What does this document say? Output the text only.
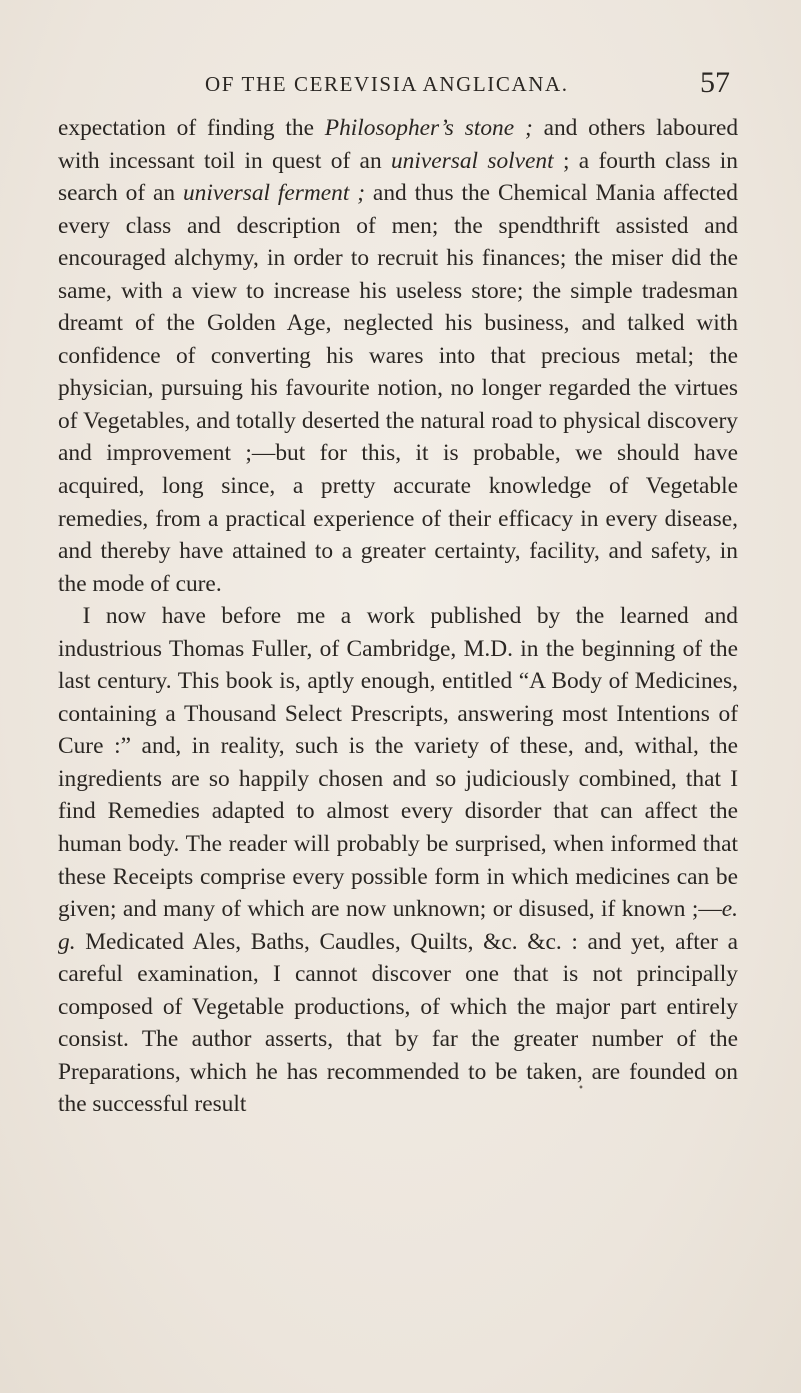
OF THE CEREVISIA ANGLICANA.	57

expectation of finding the Philosopher’s stone ; and others laboured with incessant toil in quest of an universal solvent ; a fourth class in search of an universal ferment ; and thus the Chemical Mania affected every class and description of men; the spendthrift assisted and encouraged alchymy, in order to recruit his finances; the miser did the same, with a view to increase his useless store; the simple tradesman dreamt of the Golden Age, neglected his business, and talked with confidence of converting his wares into that precious metal; the physician, pursuing his favourite notion, no longer regarded the virtues of Vegetables, and totally deserted the natural road to physical discovery and improvement ;—but for this, it is probable, we should have acquired, long since, a pretty accurate knowledge of Vegetable remedies, from a practical experience of their efficacy in every disease, and thereby have attained to a greater certainty, facility, and safety, in the mode of cure.

I now have before me a work published by the learned and industrious Thomas Fuller, of Cambridge, M.D. in the beginning of the last century. This book is, aptly enough, entitled “A Body of Medicines, containing a Thousand Select Prescripts, answering most Intentions of Cure :” and, in reality, such is the variety of these, and, withal, the ingredients are so happily chosen and so judiciously combined, that I find Remedies adapted to almost every disorder that can affect the human body. The reader will probably be surprised, when informed that these Receipts comprise every possible form in which medicines can be given; and many of which are now unknown; or disused, if known ;—e. g. Medicated Ales, Baths, Caudles, Quilts, &c. &c. : and yet, after a careful examination, I cannot discover one that is not principally composed of Vegetable productions, of which the major part entirely consist. The author asserts, that by far the greater number of the Preparations, which he has recommended to be taken, are founded on the successful result

•
